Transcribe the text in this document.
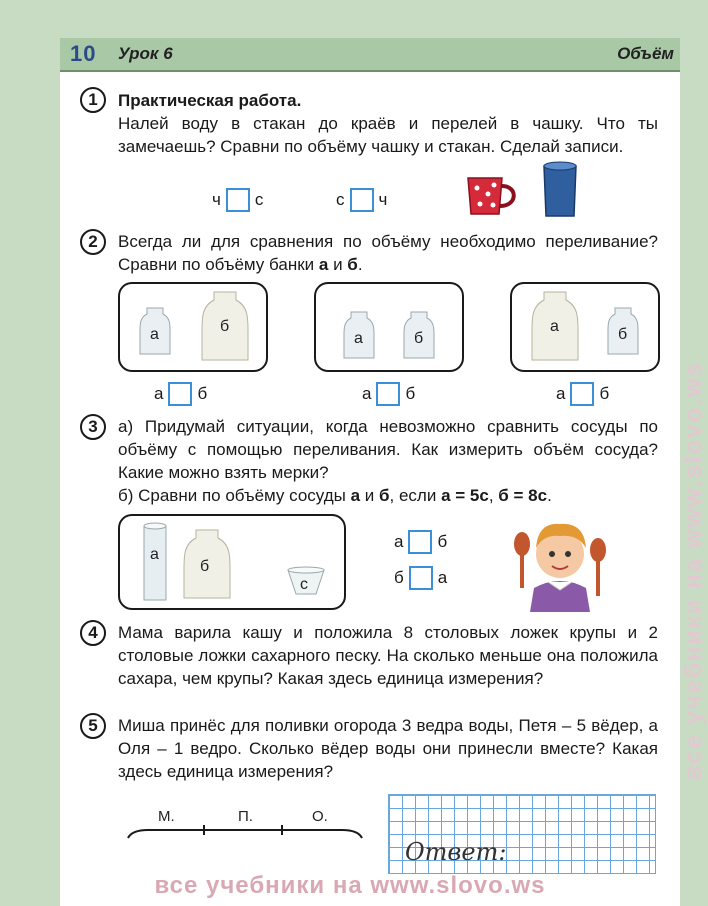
10 Урок 6	Объём
1	Практическая работа.
Налей воду в стакан до краёв и перелей в чашку. Что ты замечаешь? Сравни по объёму чашку и стакан. Сделай записи.
ч с	с ч
2	Всегда ли для сравнения по объёму необходимо переливание? Сравни по объёму банки а и б.
а	б
а	б
а	б
а б	а б	а б
3	а) Придумай ситуации, когда невозможно сравнить сосуды по объёму с помощью переливания. Как измерить объём сосуда? Какие можно взять мерки?
б) Сравни по объёму сосуды а и б, если а = 5с, б = 8с.
а
б
с
а б
б а
4	Мама варила кашу и положила 8 столовых ложек крупы и 2 столовые ложки сахарного песку. На сколько меньше она положила сахара, чем крупы? Какая здесь единица измерения?
5	Миша принёс для поливки огорода 3 ведра воды, Петя – 5 вёдер, а Оля – 1 ведро. Сколько вёдер воды они принесли вместе? Какая здесь единица измерения?
М.	П.	О.
Ответ:
все учебники на www.slovo.ws
все учебники на www.slovo.ws
